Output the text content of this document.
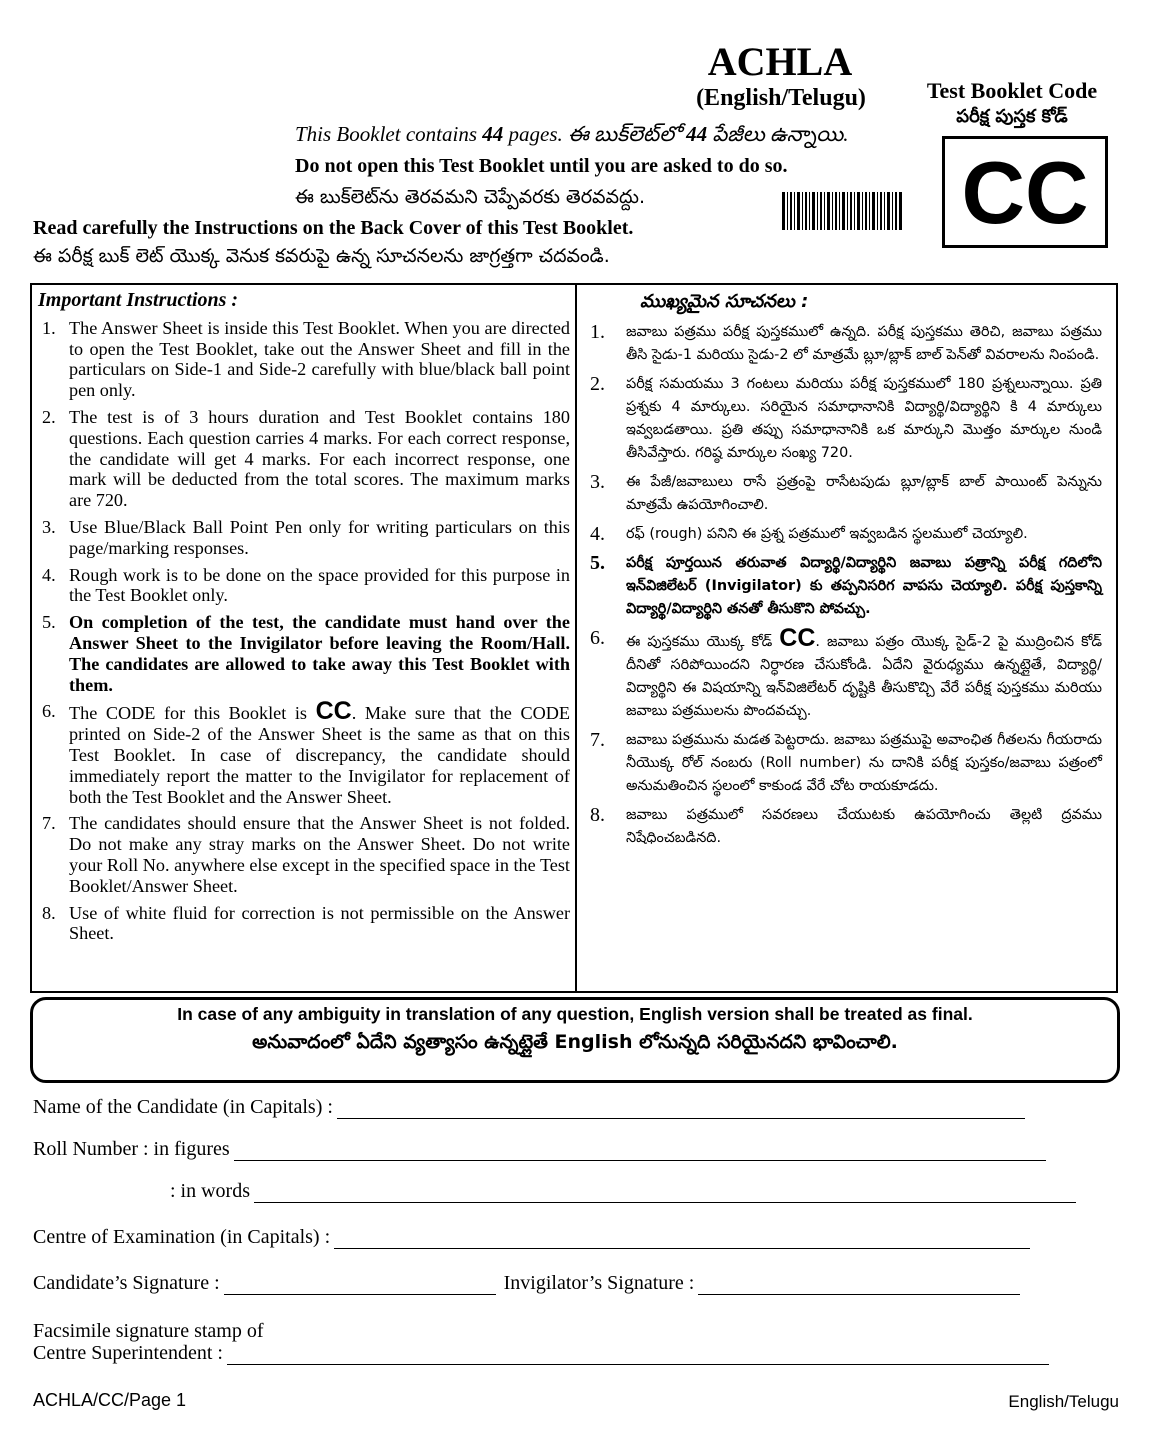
ACHLA
(English/Telugu)
This Booklet contains 44 pages. ఈ బుక్‌లెట్‌లో 44 పేజీలు ఉన్నాయి.
Do not open this Test Booklet until you are asked to do so.
ఈ బుక్‌లెట్‌ను తెరవమని చెప్పేవరకు తెరవవద్దు.
Read carefully the Instructions on the Back Cover of this Test Booklet.
ఈ పరీక్ష బుక్ లెట్ యొక్క వెనుక కవరుపై ఉన్న సూచనలను జాగ్రత్తగా చదవండి.
Test Booklet Code
పరీక్ష పుస్తక కోడ్
CC
Important Instructions :
1. The Answer Sheet is inside this Test Booklet. When you are directed to open the Test Booklet, take out the Answer Sheet and fill in the particulars on Side-1 and Side-2 carefully with blue/black ball point pen only.
2. The test is of 3 hours duration and Test Booklet contains 180 questions. Each question carries 4 marks. For each correct response, the candidate will get 4 marks. For each incorrect response, one mark will be deducted from the total scores. The maximum marks are 720.
3. Use Blue/Black Ball Point Pen only for writing particulars on this page/marking responses.
4. Rough work is to be done on the space provided for this purpose in the Test Booklet only.
5. On completion of the test, the candidate must hand over the Answer Sheet to the Invigilator before leaving the Room/Hall. The candidates are allowed to take away this Test Booklet with them.
6. The CODE for this Booklet is CC. Make sure that the CODE printed on Side-2 of the Answer Sheet is the same as that on this Test Booklet. In case of discrepancy, the candidate should immediately report the matter to the Invigilator for replacement of both the Test Booklet and the Answer Sheet.
7. The candidates should ensure that the Answer Sheet is not folded. Do not make any stray marks on the Answer Sheet. Do not write your Roll No. anywhere else except in the specified space in the Test Booklet/Answer Sheet.
8. Use of white fluid for correction is not permissible on the Answer Sheet.
ముఖ్యమైన సూచనలు :
1.	జవాబు పత్రము పరీక్ష పుస్తకములో ఉన్నది. పరీక్ష పుస్తకము తెరిచి, జవాబు పత్రము తీసి సైడు-1 మరియు సైడు-2 లో మాత్రమే బ్లూ/బ్లాక్ బాల్ పెన్‌తో వివరాలను నింపండి.
2.	పరీక్ష సమయము 3 గంటలు మరియు పరీక్ష పుస్తకములో 180 ప్రశ్నలున్నాయి. ప్రతి ప్రశ్నకు 4 మార్కులు. సరియైన సమాధానానికి విద్యార్థి/విద్యార్థిని కి 4 మార్కులు ఇవ్వబడతాయి. ప్రతి తప్పు సమాధానానికి ఒక మార్కుని మొత్తం మార్కుల నుండి తీసివేస్తారు. గరిష్ఠ మార్కుల సంఖ్య 720.
3.	ఈ పేజీ/జవాబులు రాసే ప్రత్రంపై రాసేటపుడు బ్లూ/బ్లాక్ బాల్ పాయింట్ పెన్నును మాత్రమే ఉపయోగించాలి.
4.	రఫ్ (rough) పనిని ఈ ప్రశ్న పత్రములో ఇవ్వబడిన స్థలములో చెయ్యాలి.
5.	పరీక్ష పూర్తయిన తరువాత విద్యార్థి/విద్యార్థిని జవాబు పత్రాన్ని పరీక్ష గదిలోని ఇన్‌విజిలేటర్ (Invigilator) కు తప్పనిసరిగ వాపసు చెయ్యాలి. పరీక్ష పుస్తకాన్ని విద్యార్థి/విద్యార్థిని తనతో తీసుకొని పోవచ్చు.
6.	ఈ పుస్తకము యొక్క కోడ్ CC. జవాబు పత్రం యొక్క సైడ్-2 పై ముద్రించిన కోడ్ దీనితో సరిపోయిందని నిర్ధారణ చేసుకోండి. ఏదేని వైరుధ్యము ఉన్నట్లైతే, విద్యార్థి/విద్యార్థిని ఈ విషయాన్ని ఇన్‌విజిలేటర్ దృష్టికి తీసుకొచ్చి వేరే పరీక్ష పుస్తకము మరియు జవాబు పత్రములను పొందవచ్చు.
7.	జవాబు పత్రమును మడత పెట్టరాదు. జవాబు పత్రముపై అవాంఛిత గీతలను గీయరాదు నీయొక్క రోల్ నంబరు (Roll number) ను దానికి పరీక్ష పుస్తకం/జవాబు పత్రంలో అనుమతించిన స్థలంలో కాకుండ వేరే చోట రాయకూడదు.
8.	జవాబు పత్రములో సవరణలు చేయుటకు ఉపయోగించు తెల్లటి ద్రవము నిషేధించబడినది.
In case of any ambiguity in translation of any question, English version shall be treated as final.
అనువాదంలో ఏదేని వ్యత్యాసం ఉన్నట్లైతే English లోనున్నది సరియైనదని భావించాలి.
Name of the Candidate (in Capitals) :
Roll Number : in figures
: in words
Centre of Examination (in Capitals) :
Candidate’s Signature :	Invigilator’s Signature :
Facsimile signature stamp of
Centre Superintendent :
ACHLA/CC/Page 1	English/Telugu
